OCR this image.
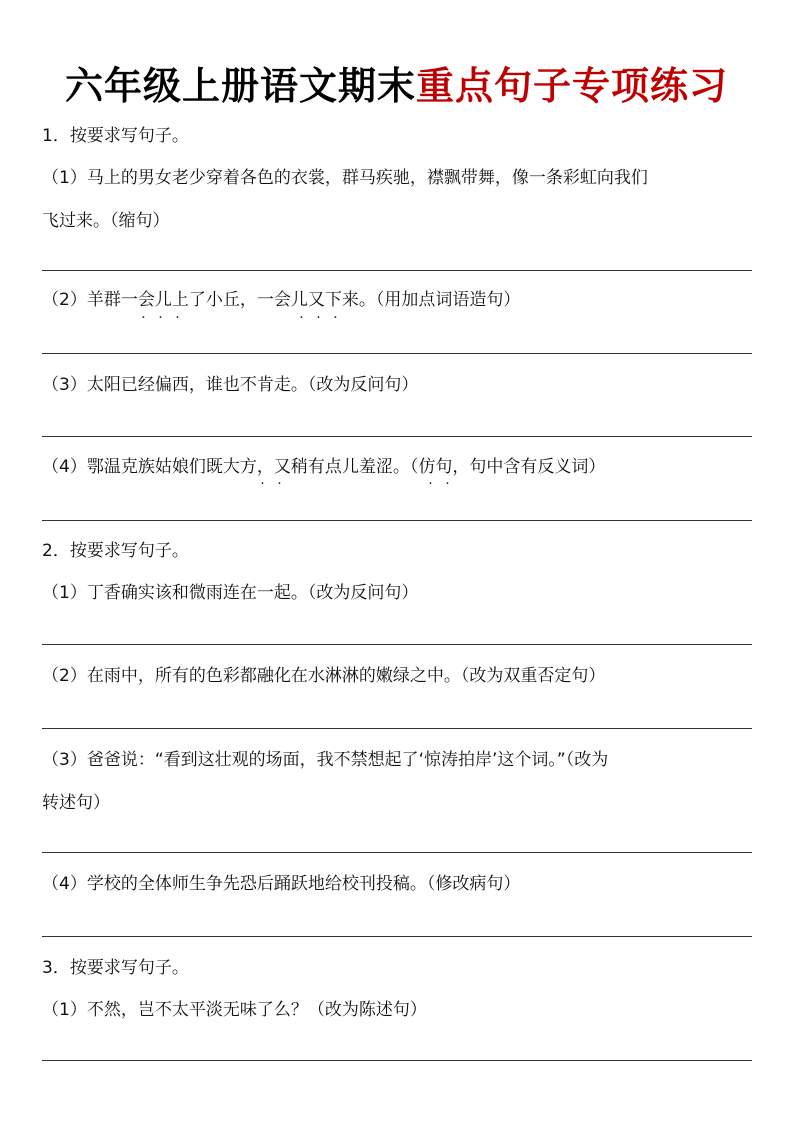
六年级上册语文期末重点句子专项练习
1．按要求写句子。
（1）马上的男女老少穿着各色的衣裳，群马疾驰，襟飘带舞，像一条彩虹向我们
飞过来。（缩句）
（2）羊群一会儿上了小丘，一会儿又下来。（用加点词语造句）
· · ·	· · ·
（3）太阳已经偏西，谁也不肯走。（改为反问句）
（4）鄂温克族姑娘们既大方，又稍有点儿羞涩。（仿句，句中含有反义词）
· ·	· ·
2．按要求写句子。
（1）丁香确实该和微雨连在一起。（改为反问句）
（2）在雨中，所有的色彩都融化在水淋淋的嫩绿之中。（改为双重否定句）
（3）爸爸说：“看到这壮观的场面，我不禁想起了‘惊涛拍岸’这个词。”（改为
转述句）
（4）学校的全体师生争先恐后踊跃地给校刊投稿。（修改病句）
3．按要求写句子。
（1）不然，岂不太平淡无味了么？（改为陈述句）
